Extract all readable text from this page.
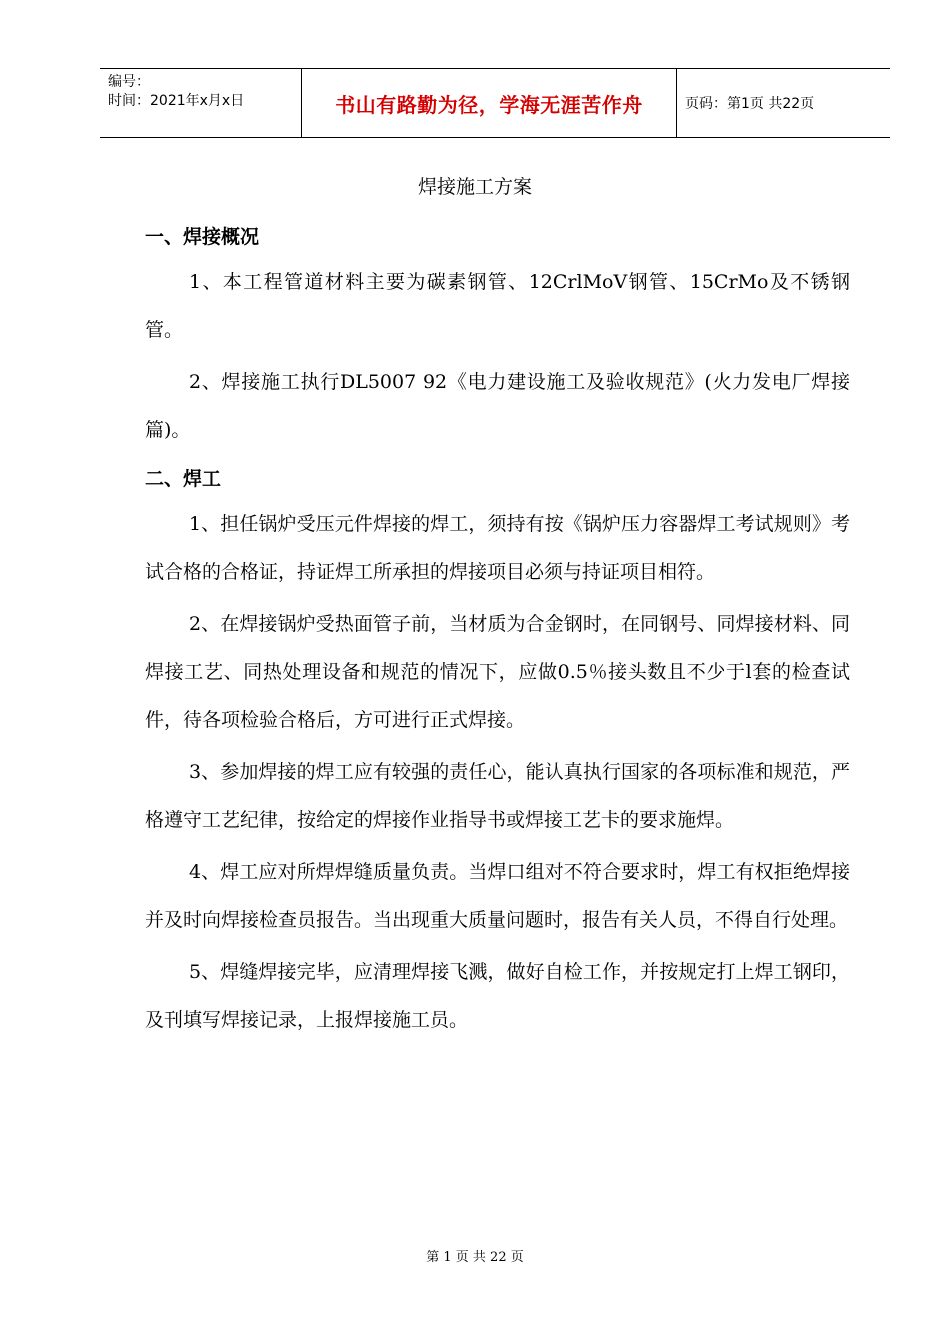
编号：
时间：2021年x月x日	书山有路勤为径，学海无涯苦作舟	页码：第1页 共22页
焊接施工方案
一、焊接概况

1、本工程管道材料主要为碳素钢管、12CrlMoV钢管、15CrMo及不锈钢管。

2、焊接施工执行DL5007 92《电力建设施工及验收规范》(火力发电厂焊接篇)。

二、焊工

1、担任锅炉受压元件焊接的焊工，须持有按《锅炉压力容器焊工考试规则》考试合格的合格证，持证焊工所承担的焊接项目必须与持证项目相符。

2、在焊接锅炉受热面管子前，当材质为合金钢时，在同钢号、同焊接材料、同焊接工艺、同热处理设备和规范的情况下，应做0.5％接头数且不少于l套的检查试件，待各项检验合格后，方可进行正式焊接。

3、参加焊接的焊工应有较强的责任心，能认真执行国家的各项标准和规范，严格遵守工艺纪律，按给定的焊接作业指导书或焊接工艺卡的要求施焊。

4、焊工应对所焊焊缝质量负责。当焊口组对不符合要求时，焊工有权拒绝焊接并及时向焊接检查员报告。当出现重大质量问题时，报告有关人员，不得自行处理。

5、焊缝焊接完毕，应清理焊接飞溅，做好自检工作，并按规定打上焊工钢印，及刊填写焊接记录，上报焊接施工员。

第 1 页 共 22 页
